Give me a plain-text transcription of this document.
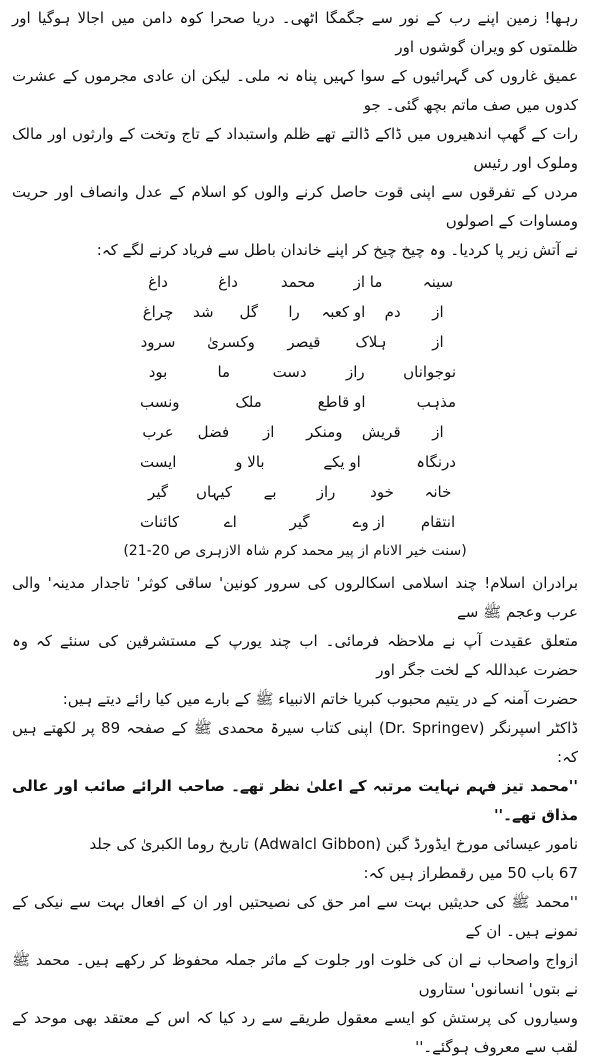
رہھا! زمین اپنے رب کے نور سے جگمگا اٹھی۔ دریا صحرا کوہ دامن میں اجالا ہوگیا اور ظلمتوں کو ویران گوشوں اور

عمیق غاروں کی گہرائیوں کے سوا کہیں پناہ نہ ملی۔ لیکن ان عادی مجرموں کے عشرت کدوں میں صف ماتم بچھ گئی۔ جو

رات کے گھپ اندھیروں میں ڈاکے ڈالتے تھے ظلم واستبداد کے تاج وتخت کے وارثوں اور مالک وملوک اور رئیس

مردں کے تفرقوں سے اپنی قوت حاصل کرنے والوں کو اسلام کے عدل وانصاف اور حریت ومساوات کے اصولوں

نے آتش زیر پا کردیا۔ وہ چیخ چیخ کر اپنے خاندان باطل سے فریاد کرنے لگے کہ:

سینہ
ما از
محمد
داغ
داغ
از
دم
او کعبہ
را
گل
شد
چراغ
از
ہلاک
قیصر
وکسریٰ
سرود
نوجواناں
راز
دست
ما
بود
مذہب
او قاطع
ملک
ونسب
از
قریش
ومنکر
از
فضل
عرب
درنگاہ
او یکے
بالا و
ایست
خانہ
خود
راز
بے
کیہاں
گیر
انتقام
از وے
گیر
اے
کائنات

(سنت خیر الانام از پیر محمد کرم شاہ الازہری ص 20-21)

برادران اسلام! چند اسلامی اسکالروں کی سرور کونین' ساقی کوثر' تاجدار مدینہ' والی عرب وعجم ﷺ سے

متعلق عقیدت آپ نے ملاحظہ فرمائی۔ اب چند یورپ کے مستشرقین کی سنئے کہ وہ حضرت عبداللہ کے لخت جگر اور

حضرت آمنہ کے در یتیم محبوب کبریا خاتم الانبیاء ﷺ کے بارے میں کیا رائے دیتے ہیں:

ڈاکٹر اسپرنگر (Dr. Springev) اپنی کتاب سیرۃ محمدی ﷺ کے صفحہ 89 پر لکھتے ہیں کہ:

''محمد تیز فہم نہایت مرتبہ کے اعلیٰ نظر تھے۔ صاحب الرائے صائب اور عالی مذاق تھے۔''

نامور عیسائی مورخ ایڈورڈ گبن (Adwalcl Gibbon) تاریخ روما الکبریٰ کی جلد

67 باب 50 میں رقمطراز ہیں کہ:

''محمد ﷺ کی حدیثیں بہت سے امر حق کی نصیحتیں اور ان کے افعال بہت سے نیکی کے نمونے ہیں۔ ان کے

ازواج واصحاب نے ان کی خلوت اور جلوت کے ماثر جملہ محفوظ کر رکھے ہیں۔ محمد ﷺ نے بتوں' انسانوں' ستاروں

وسیاروں کی پرستش کو ایسے معقول طریقے سے رد کیا کہ اس کے معتقد بھی موحد کے لقب سے معروف ہوگئے۔''
